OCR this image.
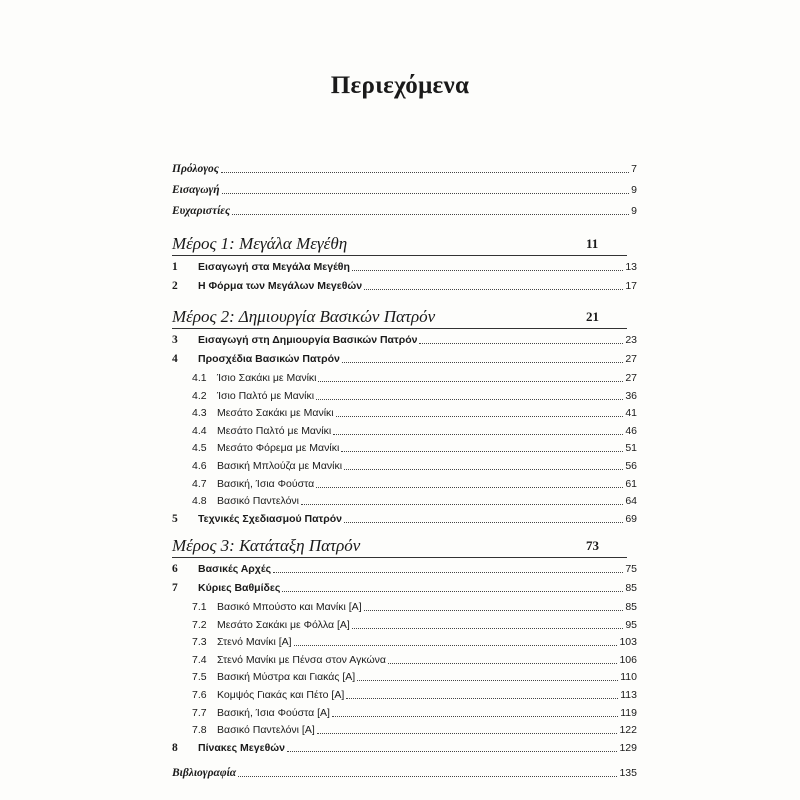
Περιεχόμενα
Πρόλογος	7
Εισαγωγή	9
Ευχαριστίες	9
Μέρος 1: Μεγάλα Μεγέθη	11
1	Εισαγωγή στα Μεγάλα Μεγέθη	13
2	Η Φόρμα των Μεγάλων Μεγεθών	17
Μέρος 2: Δημιουργία Βασικών Πατρόν	21
3	Εισαγωγή στη Δημιουργία Βασικών Πατρόν	23
4	Προσχέδια Βασικών Πατρόν	27
4.1 Ίσιο Σακάκι με Μανίκι	27
4.2 Ίσιο Παλτό με Μανίκι	36
4.3 Μεσάτο Σακάκι με Μανίκι	41
4.4 Μεσάτο Παλτό με Μανίκι	46
4.5 Μεσάτο Φόρεμα με Μανίκι	51
4.6 Βασική Μπλούζα με Μανίκι	56
4.7 Βασική, Ίσια Φούστα	61
4.8 Βασικό Παντελόνι	64
5	Τεχνικές Σχεδιασμού Πατρόν	69
Μέρος 3: Κατάταξη Πατρόν	73
6	Βασικές Αρχές	75
7	Κύριες Βαθμίδες	85
7.1 Βασικό Μπούστο και Μανίκι [Α]	85
7.2 Μεσάτο Σακάκι με Φόλλα [Α]	95
7.3 Στενό Μανίκι [Α]	103
7.4 Στενό Μανίκι με Πένσα στον Αγκώνα	106
7.5 Βασική Μύστρα και Γιακάς [Α]	110
7.6 Κομψός Γιακάς και Πέτο [Α]	113
7.7 Βασική, Ίσια Φούστα [Α]	119
7.8 Βασικό Παντελόνι [Α]	122
8	Πίνακες Μεγεθών	129
Βιβλιογραφία	135
